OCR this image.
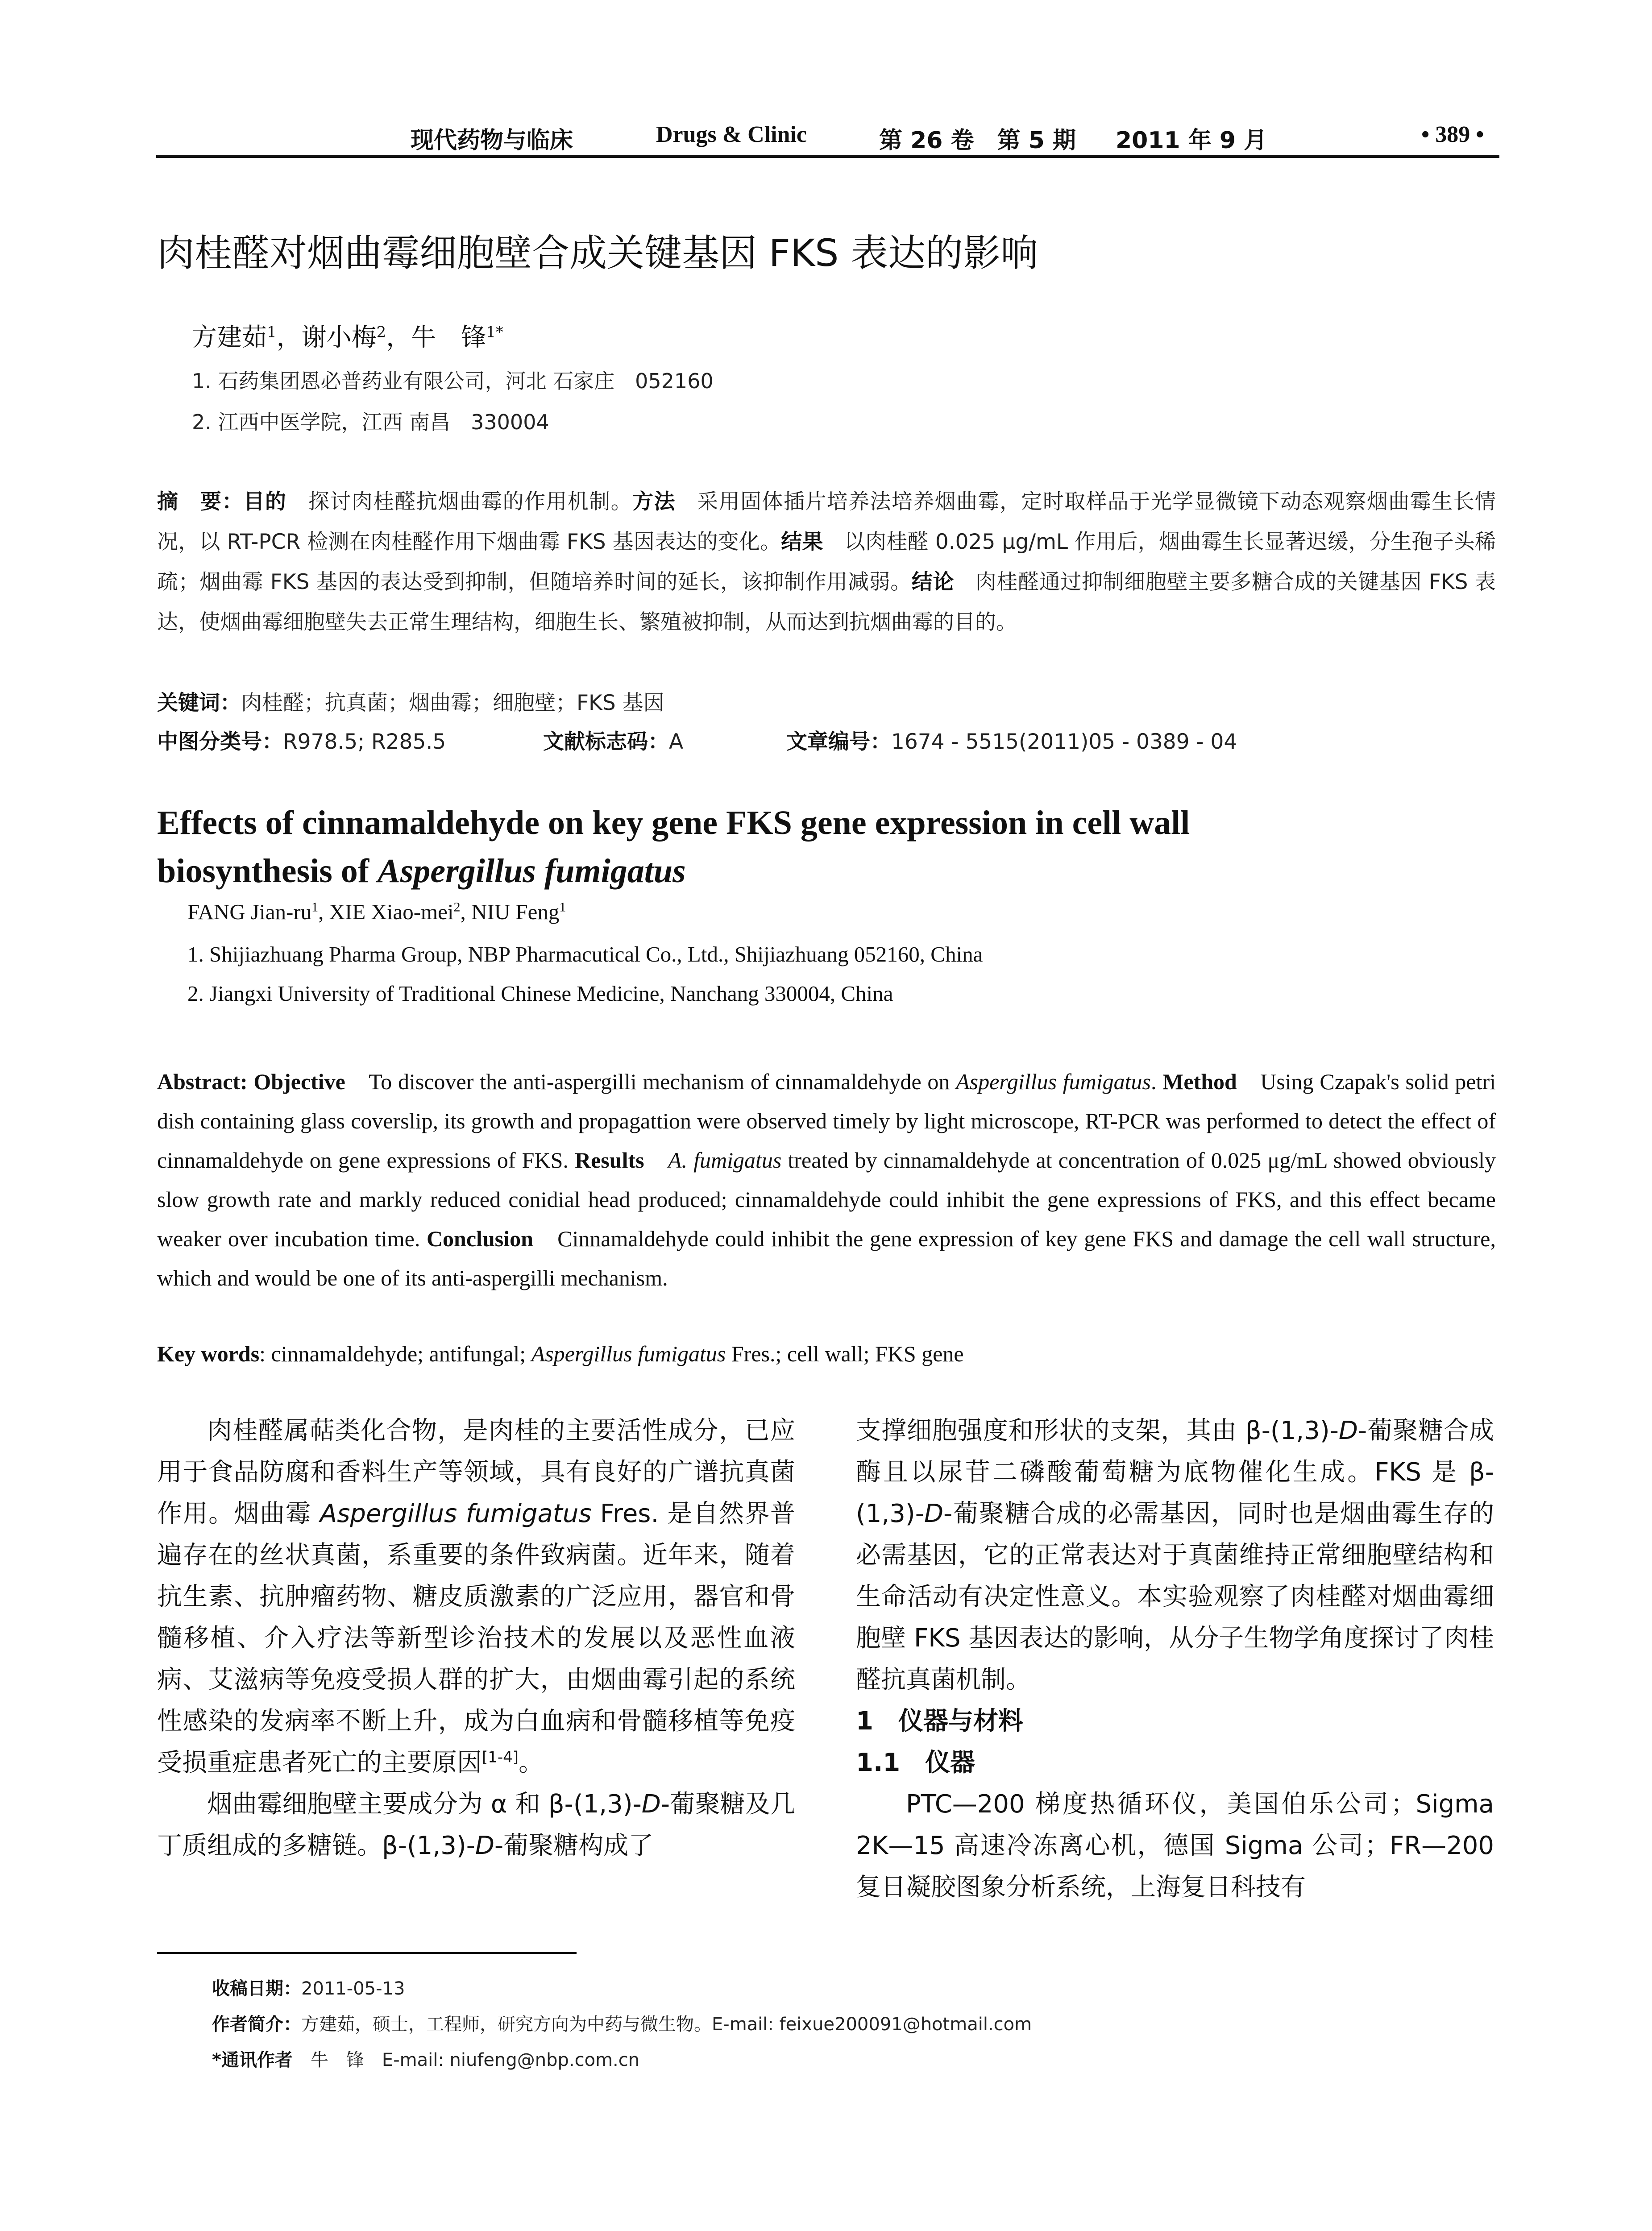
现代药物与临床	Drugs & Clinic	第 26 卷　第 5 期 2011 年 9 月	• 389 •
肉桂醛对烟曲霉细胞壁合成关键基因 FKS 表达的影响
方建茹$^1$，谢小梅$^2$，牛　锋$^{1*}$
1. 石药集团恩必普药业有限公司，河北 石家庄　052160
2. 江西中医学院，江西 南昌　330004
摘　要：目的　探讨肉桂醛抗烟曲霉的作用机制。方法　采用固体插片培养法培养烟曲霉，定时取样品于光学显微镜下动态观察烟曲霉生长情况，以 RT-PCR 检测在肉桂醛作用下烟曲霉 FKS 基因表达的变化。结果　以肉桂醛 0.025 μg/mL 作用后，烟曲霉生长显著迟缓，分生孢子头稀疏；烟曲霉 FKS 基因的表达受到抑制，但随培养时间的延长，该抑制作用减弱。结论　肉桂醛通过抑制细胞壁主要多糖合成的关键基因 FKS 表达，使烟曲霉细胞壁失去正常生理结构，细胞生长、繁殖被抑制，从而达到抗烟曲霉的目的。
关键词：肉桂醛；抗真菌；烟曲霉；细胞壁；FKS 基因
中图分类号：R978.5; R285.5	文献标志码：A	文章编号：1674 - 5515(2011)05 - 0389 - 04
Effects of cinnamaldehyde on key gene FKS gene expression in cell wall
biosynthesis of Aspergillus fumigatus
FANG Jian-$ru^1$, XIE Xiao-mei$^2$, NIU Feng$^1$
1. Shijiazhuang Pharma Group, NBP Pharmacutical Co., Ltd., Shijiazhuang 052160, China
2. Jiangxi University of Traditional Chinese Medicine, Nanchang 330004, China
Abstract: Objective　To discover the anti-aspergilli mechanism of cinnamaldehyde on Aspergillus fumigatus. Method　Using Czapak's solid petri dish containing glass coverslip, its growth and propagattion were observed timely by light microscope, RT-PCR was performed to detect the effect of cinnamaldehyde on gene expressions of FKS. Results　 A. fumigatus treated by cinnamaldehyde at concentration of 0.025 μg/mL showed obviously slow growth rate and markly reduced conidial head produced; cinnamaldehyde could inhibit the gene expressions of FKS, and this effect became weaker over incubation time. Conclusion　Cinnamaldehyde could inhibit the gene expression of key gene FKS and damage the cell wall structure, which and would be one of its anti-aspergilli mechanism.
Key words: cinnamaldehyde; antifungal; Aspergillus fumigatus Fres.; cell wall; FKS gene

肉桂醛属萜类化合物，是肉桂的主要活性成分，已应用于食品防腐和香料生产等领域，具有良好的广谱抗真菌作用。烟曲霉 Aspergillus fumigatus Fres. 是自然界普遍存在的丝状真菌，系重要的条件致病菌。近年来，随着抗生素、抗肿瘤药物、糖皮质激素的广泛应用，器官和骨髓移植、介入疗法等新型诊治技术的发展以及恶性血液病、艾滋病等免疫受损人群的扩大，由烟曲霉引起的系统性感染的发病率不断上升，成为白血病和骨髓移植等免疫受损重症患者死亡的主要原因[1-4]。

烟曲霉细胞壁主要成分为 α 和 β-(1,3)-D-葡聚糖及几丁质组成的多糖链。β-(1,3)-D-葡聚糖构成了

支撑细胞强度和形状的支架，其由 β-(1,3)-D-葡聚糖合成酶且以尿苷二磷酸葡萄糖为底物催化生成。FKS 是 β-(1,3)-D-葡聚糖合成的必需基因，同时也是烟曲霉生存的必需基因，它的正常表达对于真菌维持正常细胞壁结构和生命活动有决定性意义。本实验观察了肉桂醛对烟曲霉细胞壁 FKS 基因表达的影响，从分子生物学角度探讨了肉桂醛抗真菌机制。

1　仪器与材料
1.1　仪器

PTC—200 梯度热循环仪，美国伯乐公司；Sigma 2K—15 高速冷冻离心机，德国 Sigma 公司；FR—200 复日凝胶图象分析系统，上海复日科技有

收稿日期：2011-05-13
作者简介：方建茹，硕士，工程师，研究方向为中药与微生物。E-mail: feixue200091@hotmail.com
*通讯作者　牛　锋　E-mail: niufeng@nbp.com.cn
